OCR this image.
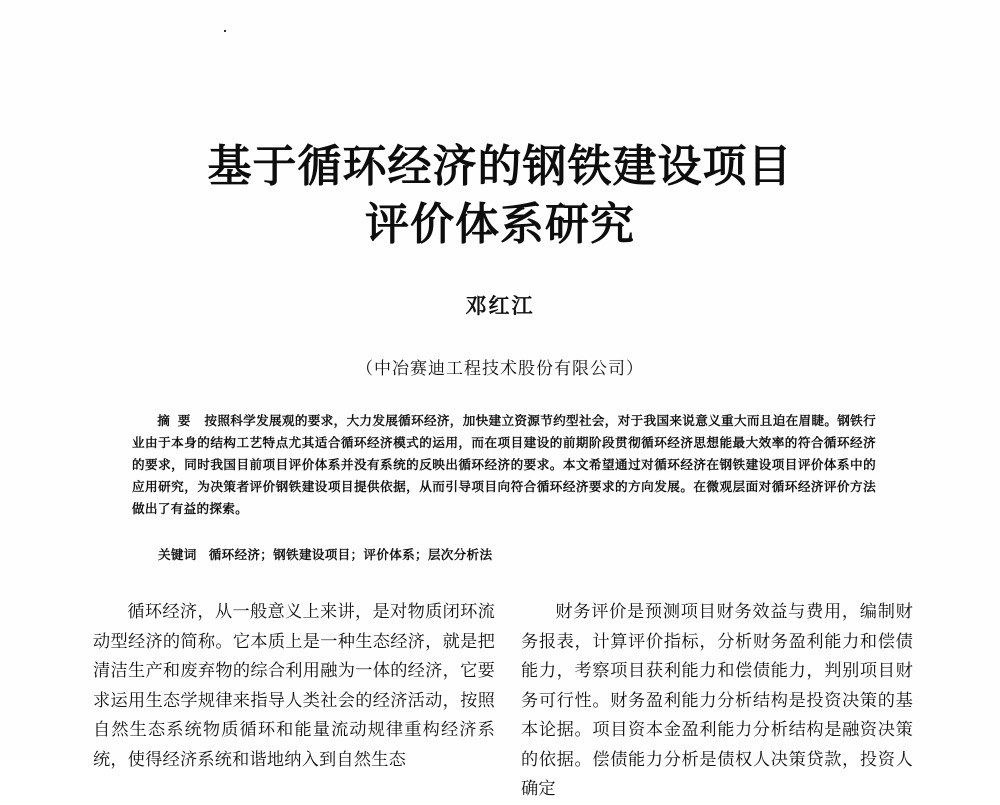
基于循环经济的钢铁建设项目
评价体系研究
邓红江
（中冶赛迪工程技术股份有限公司）
摘要 按照科学发展观的要求，大力发展循环经济，加快建立资源节约型社会，对于我国来说意义重大而且迫在眉睫。钢铁行业由于本身的结构工艺特点尤其适合循环经济模式的运用，而在项目建设的前期阶段贯彻循环经济思想能最大效率的符合循环经济的要求，同时我国目前项目评价体系并没有系统的反映出循环经济的要求。本文希望通过对循环经济在钢铁建设项目评价体系中的应用研究，为决策者评价钢铁建设项目提供依据，从而引导项目向符合循环经济要求的方向发展。在微观层面对循环经济评价方法做出了有益的探索。
关键词 循环经济；钢铁建设项目；评价体系；层次分析法
循环经济，从一般意义上来讲，是对物质闭环流动型经济的简称。它本质上是一种生态经济，就是把清洁生产和废弃物的综合利用融为一体的经济，它要求运用生态学规律来指导人类社会的经济活动，按照自然生态系统物质循环和能量流动规律重构经济系统，使得经济系统和谐地纳入到自然生态
财务评价是预测项目财务效益与费用，编制财务报表，计算评价指标，分析财务盈利能力和偿债能力，考察项目获利能力和偿债能力，判别项目财务可行性。财务盈利能力分析结构是投资决策的基本论据。项目资本金盈利能力分析结构是融资决策的依据。偿债能力分析是债权人决策贷款，投资人确定
